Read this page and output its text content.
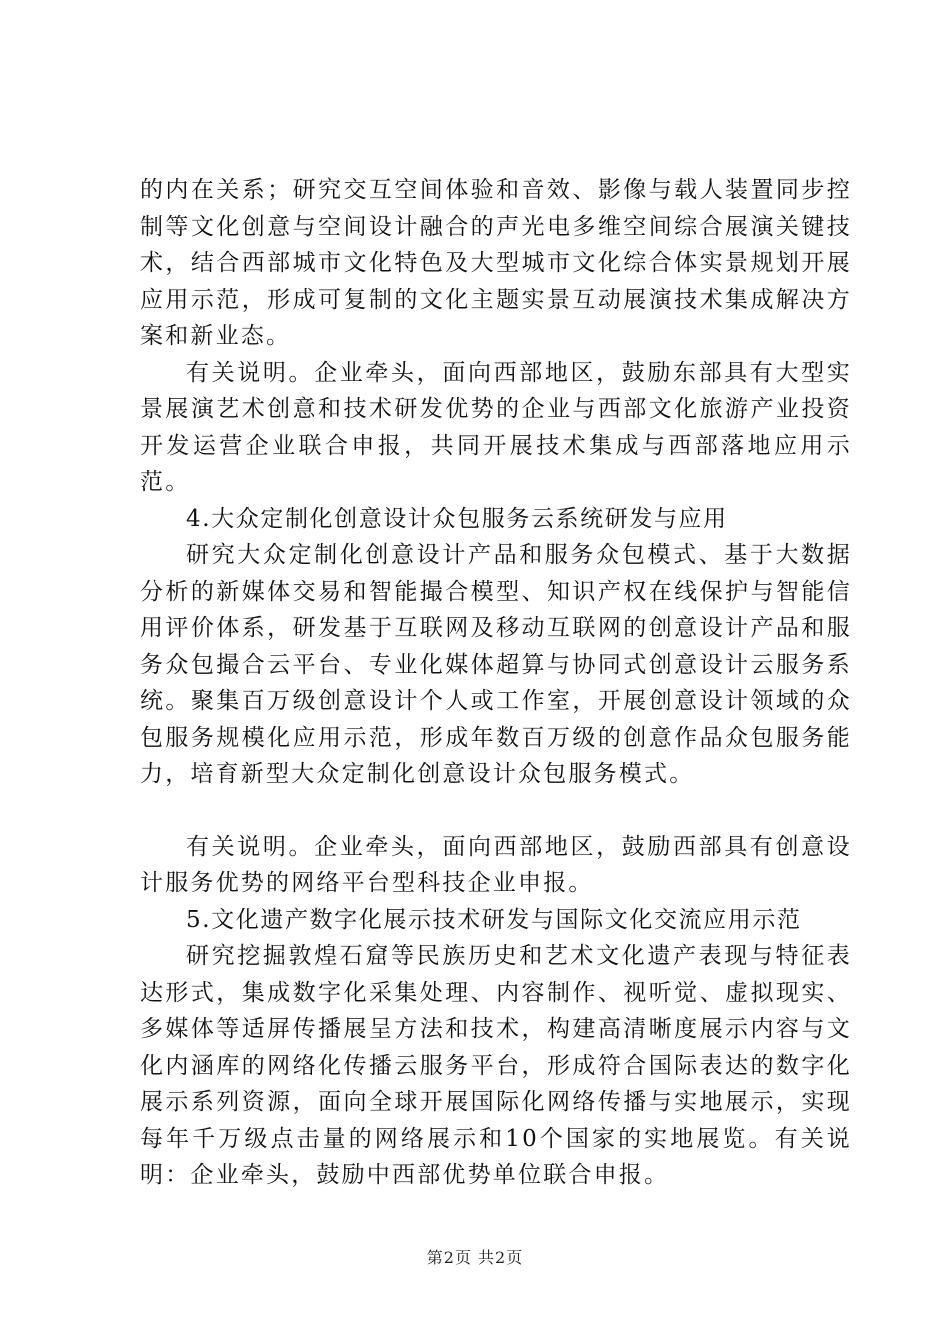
的内在关系；研究交互空间体验和音效、影像与载人装置同步控制等文化创意与空间设计融合的声光电多维空间综合展演关键技术，结合西部城市文化特色及大型城市文化综合体实景规划开展应用示范，形成可复制的文化主题实景互动展演技术集成解决方案和新业态。

有关说明。企业牵头，面向西部地区，鼓励东部具有大型实景展演艺术创意和技术研发优势的企业与西部文化旅游产业投资开发运营企业联合申报，共同开展技术集成与西部落地应用示范。

4.大众定制化创意设计众包服务云系统研发与应用

研究大众定制化创意设计产品和服务众包模式、基于大数据分析的新媒体交易和智能撮合模型、知识产权在线保护与智能信用评价体系，研发基于互联网及移动互联网的创意设计产品和服务众包撮合云平台、专业化媒体超算与协同式创意设计云服务系统。聚集百万级创意设计个人或工作室，开展创意设计领域的众包服务规模化应用示范，形成年数百万级的创意作品众包服务能力，培育新型大众定制化创意设计众包服务模式。

有关说明。企业牵头，面向西部地区，鼓励西部具有创意设计服务优势的网络平台型科技企业申报。

5.文化遗产数字化展示技术研发与国际文化交流应用示范

研究挖掘敦煌石窟等民族历史和艺术文化遗产表现与特征表达形式，集成数字化采集处理、内容制作、视听觉、虚拟现实、多媒体等适屏传播展呈方法和技术，构建高清晰度展示内容与文化内涵库的网络化传播云服务平台，形成符合国际表达的数字化展示系列资源，面向全球开展国际化网络传播与实地展示，实现每年千万级点击量的网络展示和10个国家的实地展览。有关说明：企业牵头，鼓励中西部优势单位联合申报。

第2页 共2页
